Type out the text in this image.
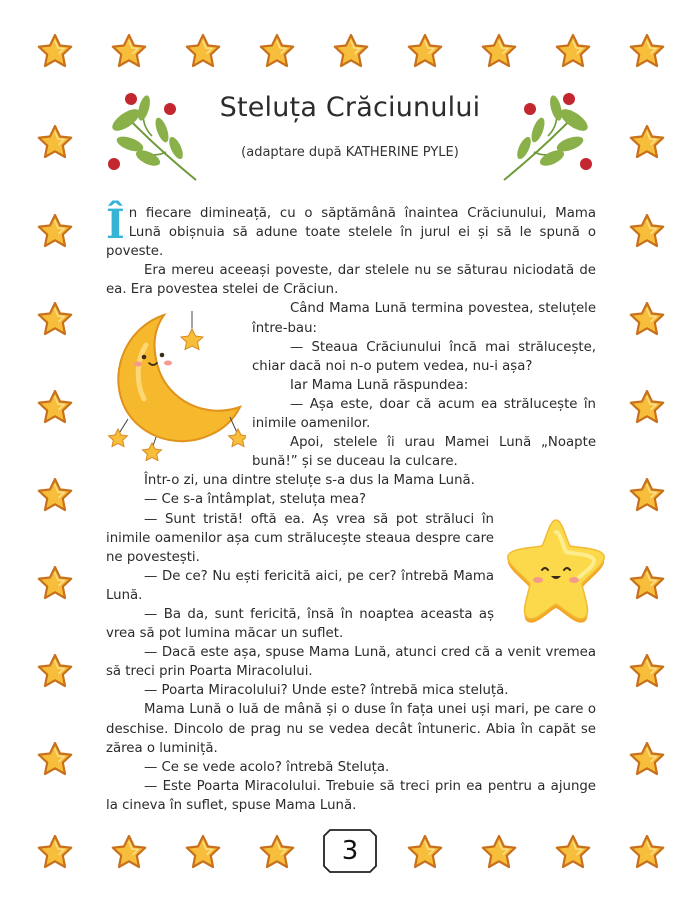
Steluța Crăciunului
(adaptare după KATHERINE PYLE)

În fiecare dimineață, cu o săptămână înaintea Crăciunului, Mama Lună obișnuia să adune toate stelele în jurul ei și să le spună o poveste.

Era mereu aceeași poveste, dar stelele nu se săturau niciodată de ea. Era povestea stelei de Crăciun.

Când Mama Lună termina povestea, steluțele între-bau:

— Steaua Crăciunului încă mai strălucește, chiar dacă noi n-o putem vedea, nu-i așa?

Iar Mama Lună răspundea:

— Așa este, doar că acum ea strălucește în inimile oamenilor.

Apoi, stelele îi urau Mamei Lună „Noapte bună!” și se duceau la culcare.

Într-o zi, una dintre steluțe s-a dus la Mama Lună.

— Ce s-a întâmplat, steluța mea?

— Sunt tristă! oftă ea. Aș vrea să pot străluci în inimile oamenilor așa cum strălucește steaua despre care ne povestești.

— De ce? Nu ești fericită aici, pe cer? întrebă Mama Lună.

— Ba da, sunt fericită, însă în noaptea aceasta aș vrea să pot lumina măcar un suflet.

— Dacă este așa, spuse Mama Lună, atunci cred că a venit vremea să treci prin Poarta Miracolului.

— Poarta Miracolului? Unde este? întrebă mica steluță.

Mama Lună o luă de mână și o duse în fața unei uși mari, pe care o deschise. Dincolo de prag nu se vedea decât întuneric. Abia în capăt se zărea o luminiță.

— Ce se vede acolo? întrebă Steluța.

— Este Poarta Miracolului. Trebuie să treci prin ea pentru a ajunge la cineva în suflet, spuse Mama Lună.

3
